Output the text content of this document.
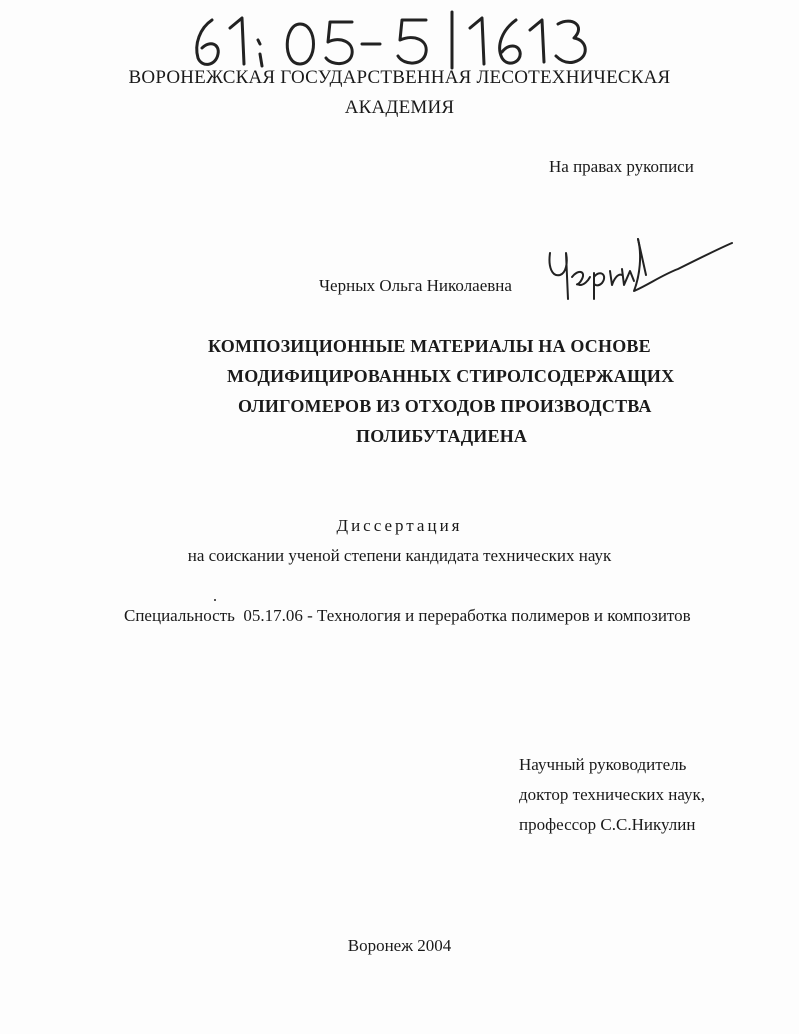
ВОРОНЕЖСКАЯ ГОСУДАРСТВЕННАЯ ЛЕСОТЕХНИЧЕСКАЯ
АКАДЕМИЯ
На правах рукописи
Черных Ольга Николаевна
КОМПОЗИЦИОННЫЕ МАТЕРИАЛЫ НА ОСНОВЕ
МОДИФИЦИРОВАННЫХ СТИРОЛСОДЕРЖАЩИХ
ОЛИГОМЕРОВ ИЗ ОТХОДОВ ПРОИЗВОДСТВА
ПОЛИБУТАДИЕНА
Диссертация
на соискании ученой степени кандидата технических наук
Специальность  05.17.06 - Технология и переработка полимеров и композитов
Научный руководитель
доктор технических наук,
профессор С.С.Никулин
Воронеж 2004
